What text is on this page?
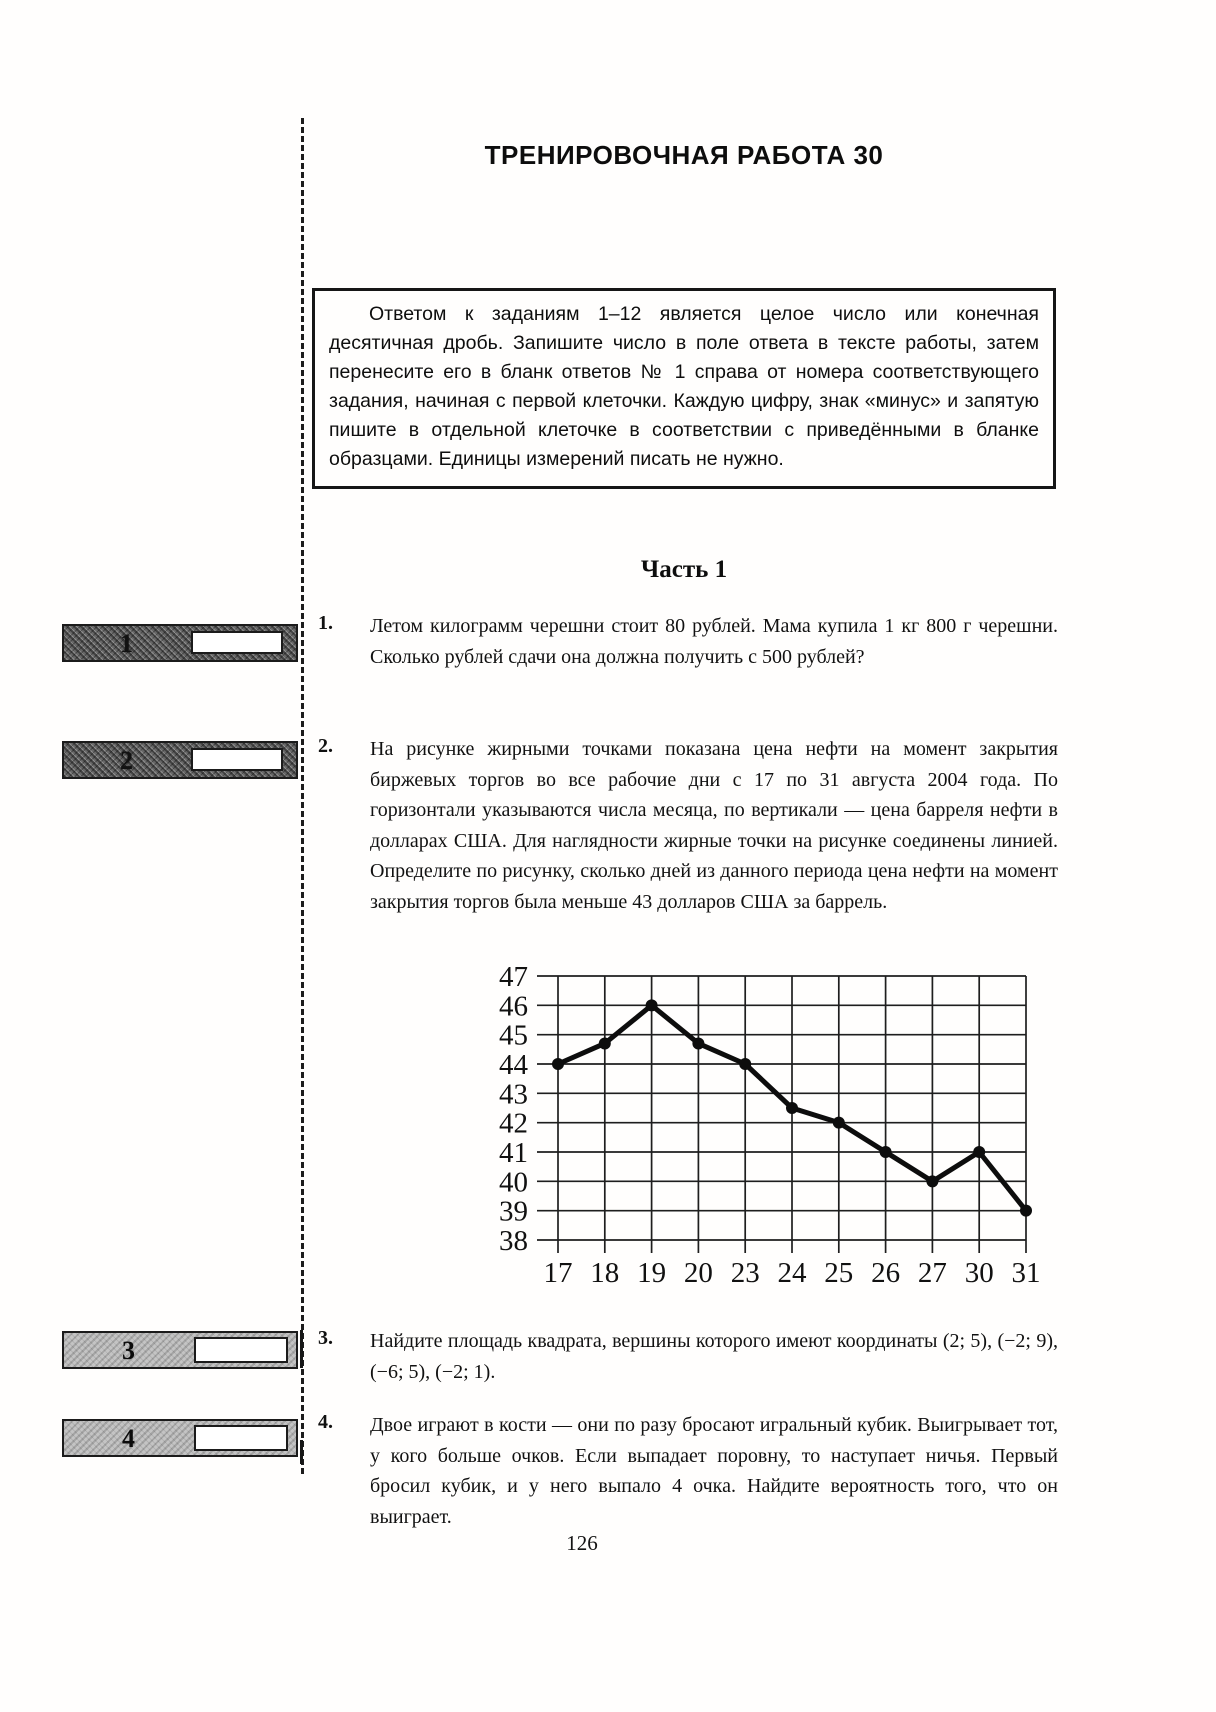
ТРЕНИРОВОЧНАЯ РАБОТА 30

Ответом к заданиям 1–12 является целое число или конечная десятичная дробь. Запишите число в поле ответа в тексте работы, затем перенесите его в бланк ответов № 1 справа от номера соответствующего задания, начиная с первой клеточки. Каждую цифру, знак «минус» и запятую пишите в отдельной клеточке в соответствии с приведёнными в бланке образцами. Единицы измерений писать не нужно.

Часть 1
1. Летом килограмм черешни стоит 80 рублей. Мама купила 1 кг 800 г черешни. Сколько рублей сдачи она должна получить с 500 рублей?

2. На рисунке жирными точками показана цена нефти на момент закрытия биржевых торгов во все рабочие дни с 17 по 31 августа 2004 года. По горизонтали указываются числа месяца, по вертикали — цена барреля нефти в долларах США. Для наглядности жирные точки на рисунке соединены линией. Определите по рисунку, сколько дней из данного периода цена нефти на момент закрытия торгов была меньше 43 долларов США за баррель.

47
46
45
44
43
42
41
40
39
38
17 18 19 20 23 24 25 26 27 30 31
3. Найдите площадь квадрата, вершины которого имеют координаты (2; 5), (−2; 9), (−6; 5), (−2; 1).

4. Двое играют в кости — они по разу бросают игральный кубик. Выигрывает тот, у кого больше очков. Если выпадает поровну, то наступает ничья. Первый бросил кубик, и у него выпало 4 очка. Найдите вероятность того, что он выиграет.

1
2
3
4

126
